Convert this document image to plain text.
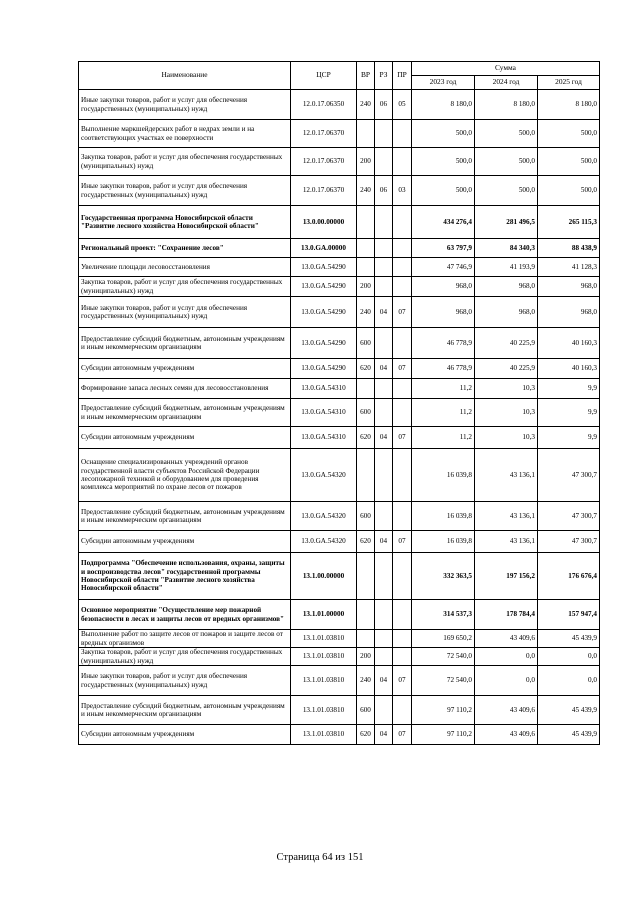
Наименование	ЦСР	ВР	РЗ	ПР	Сумма		
					2023 год	2024 год	2025 год
Иные закупки товаров, работ и услуг для обеспечения государственных (муниципальных) нужд	12.0.17.06350	240	06	05	8 180,0	8 180,0	8 180,0
Выполнение маркшейдерских работ в недрах земли и на соответствующих участках ее поверхности	12.0.17.06370				500,0	500,0	500,0
Закупка товаров, работ и услуг для обеспечения государственных (муниципальных) нужд	12.0.17.06370	200			500,0	500,0	500,0
Иные закупки товаров, работ и услуг для обеспечения государственных (муниципальных) нужд	12.0.17.06370	240	06	03	500,0	500,0	500,0
Государственная программа Новосибирской области "Развитие лесного хозяйства Новосибирской области"	13.0.00.00000				434 276,4	281 496,5	265 115,3
Региональный проект: "Сохранение лесов"	13.0.GA.00000				63 797,9	84 340,3	88 438,9
Увеличение площади лесовосстановления	13.0.GA.54290				47 746,9	41 193,9	41 128,3
Закупка товаров, работ и услуг для обеспечения государственных (муниципальных) нужд	13.0.GA.54290	200			968,0	968,0	968,0
Иные закупки товаров, работ и услуг для обеспечения государственных (муниципальных) нужд	13.0.GA.54290	240	04	07	968,0	968,0	968,0
Предоставление субсидий бюджетным, автономным учреждениям и иным некоммерческим организациям	13.0.GA.54290	600			46 778,9	40 225,9	40 160,3
Субсидии автономным учреждениям	13.0.GA.54290	620	04	07	46 778,9	40 225,9	40 160,3
Формирование запаса лесных семян для лесовосстановления	13.0.GA.54310				11,2	10,3	9,9
Предоставление субсидий бюджетным, автономным учреждениям и иным некоммерческим организациям	13.0.GA.54310	600			11,2	10,3	9,9
Субсидии автономным учреждениям	13.0.GA.54310	620	04	07	11,2	10,3	9,9
Оснащение специализированных учреждений органов государственной власти субъектов Российской Федерации лесопожарной техникой и оборудованием для проведения комплекса мероприятий по охране лесов от пожаров	13.0.GA.54320				16 039,8	43 136,1	47 300,7
Предоставление субсидий бюджетным, автономным учреждениям и иным некоммерческим организациям	13.0.GA.54320	600			16 039,8	43 136,1	47 300,7
Субсидии автономным учреждениям	13.0.GA.54320	620	04	07	16 039,8	43 136,1	47 300,7
Подпрограмма "Обеспечение использования, охраны, защиты и воспроизводства лесов" государственной программы Новосибирской области "Развитие лесного хозяйства Новосибирской области"	13.1.00.00000				332 363,5	197 156,2	176 676,4
Основное мероприятие "Осуществление мер пожарной безопасности в лесах и защиты лесов от вредных организмов"	13.1.01.00000				314 537,3	178 784,4	157 947,4
Выполнение работ по защите лесов от пожаров и защите лесов от вредных организмов	13.1.01.03810				169 650,2	43 409,6	45 439,9
Закупка товаров, работ и услуг для обеспечения государственных (муниципальных) нужд	13.1.01.03810	200			72 540,0	0,0	0,0
Иные закупки товаров, работ и услуг для обеспечения государственных (муниципальных) нужд	13.1.01.03810	240	04	07	72 540,0	0,0	0,0
Предоставление субсидий бюджетным, автономным учреждениям и иным некоммерческим организациям	13.1.01.03810	600			97 110,2	43 409,6	45 439,9
Субсидии автономным учреждениям	13.1.01.03810	620	04	07	97 110,2	43 409,6	45 439,9
Страница 64 из 151
